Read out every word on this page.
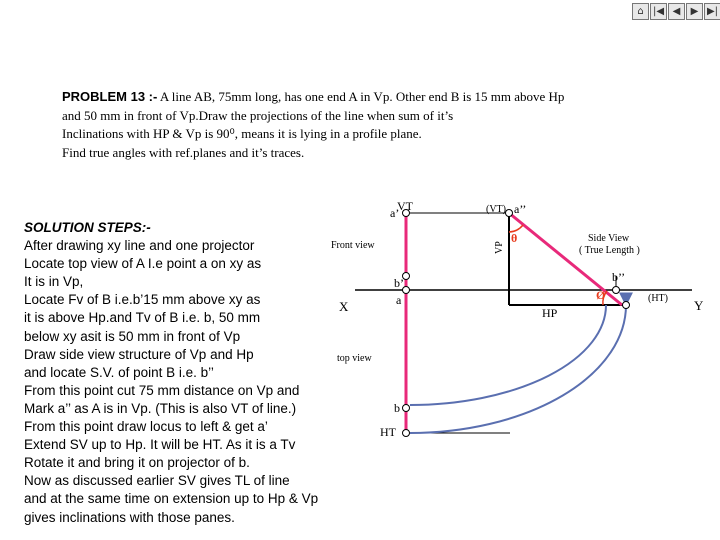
⌂ |◀ ◀	▶ ▶|
PROBLEM 13 :- A line AB, 75mm long, has one end A in Vp. Other end B is 15 mm above Hp
and 50 mm in front of Vp.Draw the projections of the line when sum of it’s
Inclinations with HP & Vp is 90⁰, means it is lying in a profile plane.
Find true angles with ref.planes and it’s traces.
a’
VT	(VT) a’’
VP
Side View
( True Length )
Front view
b’
a
b’’
(HT)
HP
X	Y
top view
b
HT
θ
Ø
SOLUTION STEPS:-
After drawing xy line and one projector
Locate top view of A I.e point a on xy as
It is in Vp,
Locate Fv of B i.e.b’15 mm above xy as
it is above Hp.and Tv of B i.e. b, 50 mm
below xy asit is 50 mm in front of Vp
Draw side view structure of Vp and Hp
and locate S.V. of point B i.e. b’’
From this point cut 75 mm distance on Vp and
Mark a’’ as A is in Vp. (This is also VT of line.)
From this point draw locus to left & get a’
Extend SV up to Hp. It will be HT. As it is a Tv
Rotate it and bring it on projector of b.
Now as discussed earlier SV gives TL of line
and at the same time on extension up to Hp & Vp
gives inclinations with those panes.
